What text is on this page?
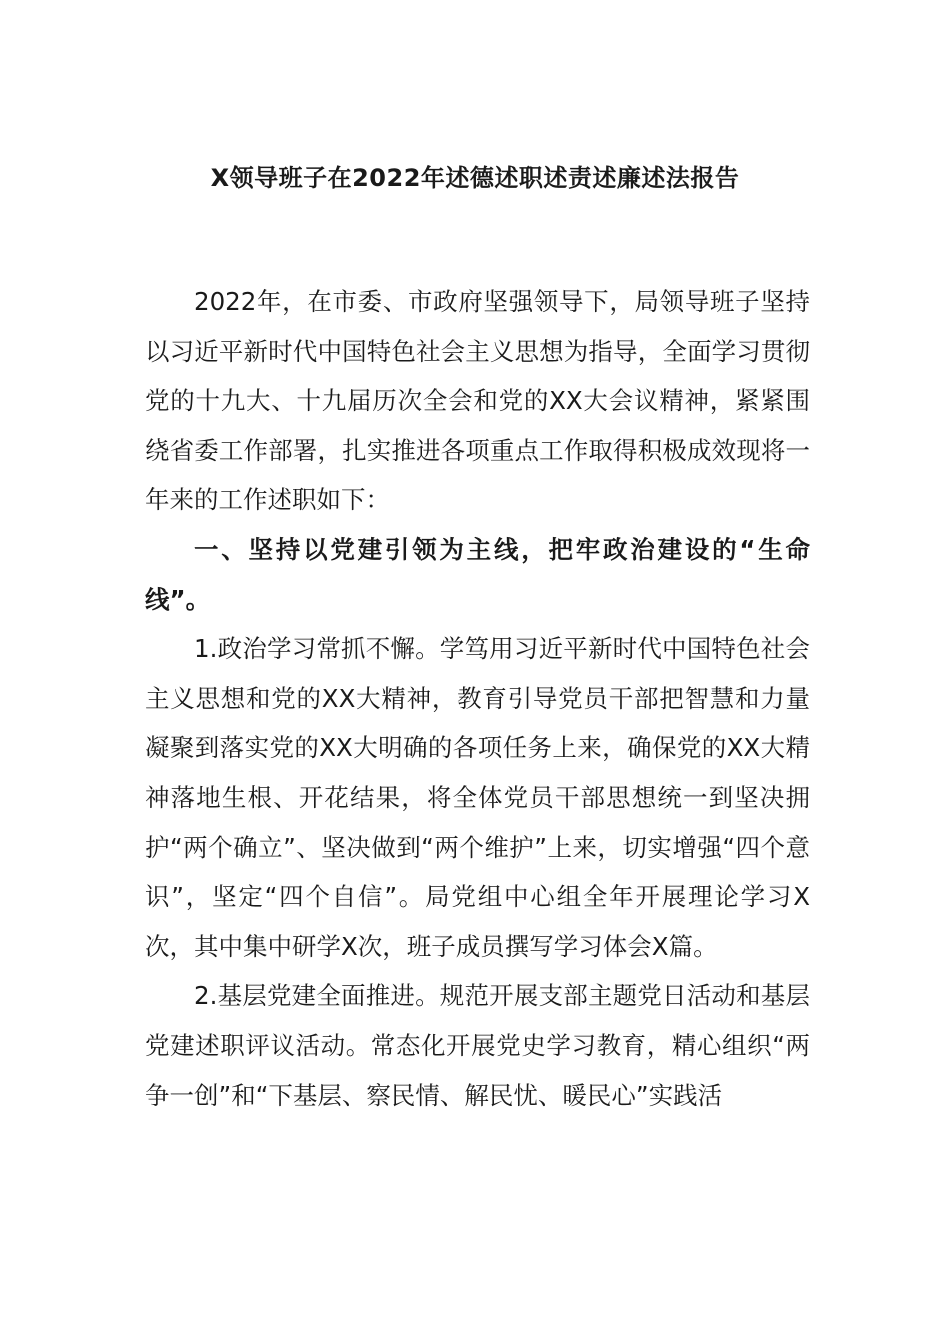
X领导班子在2022年述德述职述责述廉述法报告

2022年，在市委、市政府坚强领导下，局领导班子坚持以习近平新时代中国特色社会主义思想为指导，全面学习贯彻党的十九大、十九届历次全会和党的XX大会议精神，紧紧围绕省委工作部署，扎实推进各项重点工作取得积极成效现将一年来的工作述职如下：

一、坚持以党建引领为主线，把牢政治建设的“生命线”。

1.政治学习常抓不懈。学笃用习近平新时代中国特色社会主义思想和党的XX大精神，教育引导党员干部把智慧和力量凝聚到落实党的XX大明确的各项任务上来，确保党的XX大精神落地生根、开花结果，将全体党员干部思想统一到坚决拥护“两个确立”、坚决做到“两个维护”上来，切实增强“四个意识”，坚定“四个自信”。局党组中心组全年开展理论学习X次，其中集中研学X次，班子成员撰写学习体会X篇。

2.基层党建全面推进。规范开展支部主题党日活动和基层党建述职评议活动。常态化开展党史学习教育，精心组织“两争一创”和“下基层、察民情、解民忧、暖民心”实践活
